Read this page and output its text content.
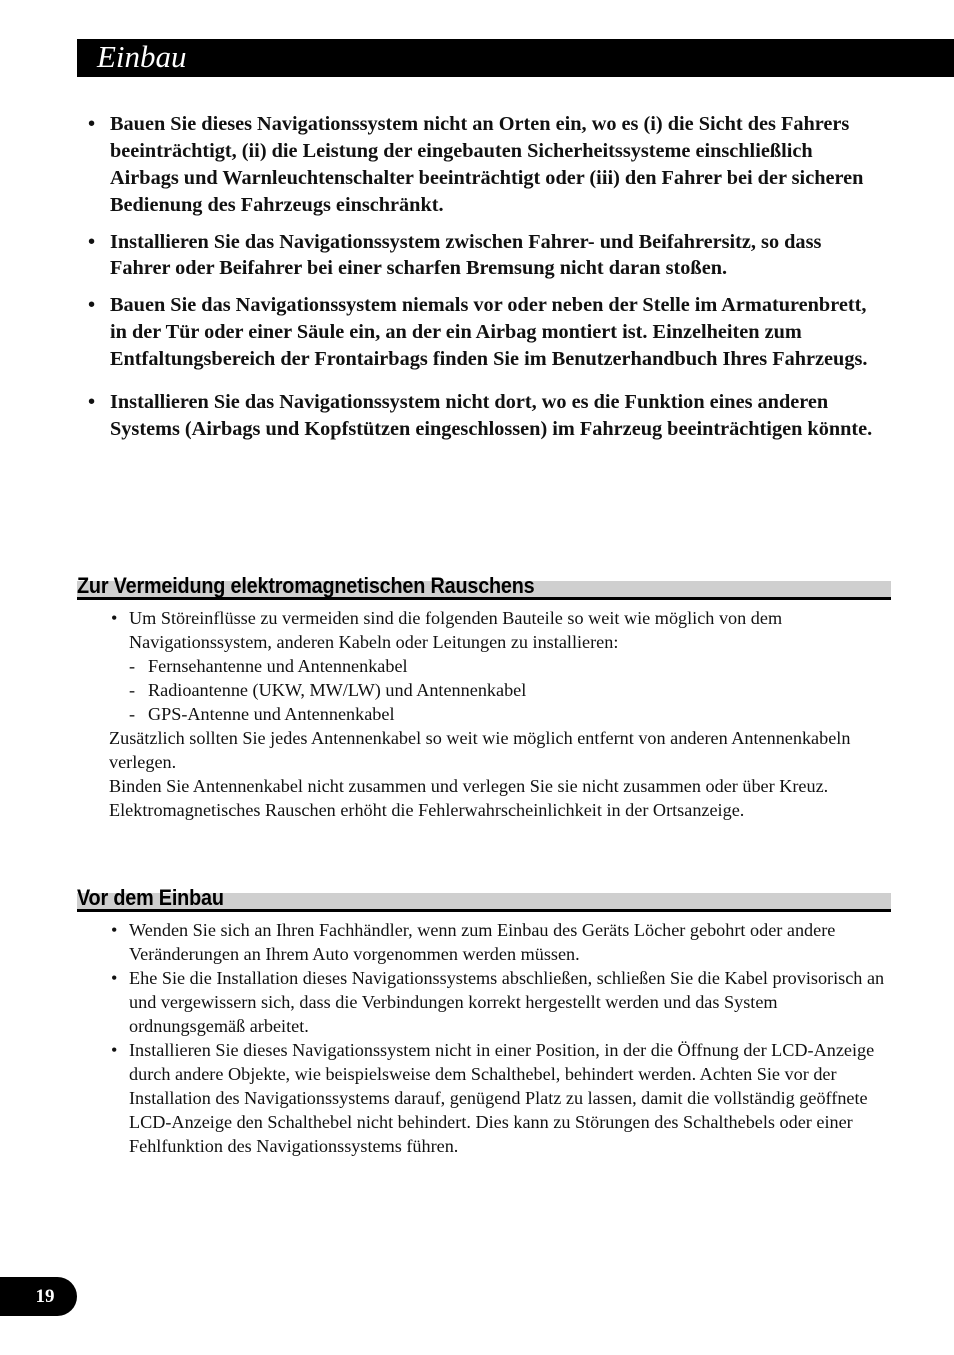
Einbau
• Bauen Sie dieses Navigationssystem nicht an Orten ein, wo es (i) die Sicht des Fahrers beeinträchtigt, (ii) die Leistung der eingebauten Sicherheitssysteme einschließlich Airbags und Warnleuchtenschalter beeinträchtigt oder (iii) den Fahrer bei der sicheren Bedienung des Fahrzeugs einschränkt.
• Installieren Sie das Navigationssystem zwischen Fahrer- und Beifahrersitz, so dass Fahrer oder Beifahrer bei einer scharfen Bremsung nicht daran stoßen.
• Bauen Sie das Navigationssystem niemals vor oder neben der Stelle im Armaturenbrett, in der Tür oder einer Säule ein, an der ein Airbag montiert ist. Einzelheiten zum Entfaltungsbereich der Frontairbags finden Sie im Benutzerhandbuch Ihres Fahrzeugs.
• Installieren Sie das Navigationssystem nicht dort, wo es die Funktion eines anderen Systems (Airbags und Kopfstützen eingeschlossen) im Fahrzeug beeinträchtigen könnte.
Zur Vermeidung elektromagnetischen Rauschens
• Um Störeinflüsse zu vermeiden sind die folgenden Bauteile so weit wie möglich von dem Navigationssystem, anderen Kabeln oder Leitungen zu installieren:
- Fernsehantenne und Antennenkabel
- Radioantenne (UKW, MW/LW) und Antennenkabel
- GPS-Antenne und Antennenkabel
Zusätzlich sollten Sie jedes Antennenkabel so weit wie möglich entfernt von anderen Antennenkabeln verlegen.
Binden Sie Antennenkabel nicht zusammen und verlegen Sie sie nicht zusammen oder über Kreuz.
Elektromagnetisches Rauschen erhöht die Fehlerwahrscheinlichkeit in der Ortsanzeige.
Vor dem Einbau
• Wenden Sie sich an Ihren Fachhändler, wenn zum Einbau des Geräts Löcher gebohrt oder andere Veränderungen an Ihrem Auto vorgenommen werden müssen.
• Ehe Sie die Installation dieses Navigationssystems abschließen, schließen Sie die Kabel provisorisch an und vergewissern sich, dass die Verbindungen korrekt hergestellt werden und das System ordnungsgemäß arbeitet.
• Installieren Sie dieses Navigationssystem nicht in einer Position, in der die Öffnung der LCD-Anzeige durch andere Objekte, wie beispielsweise dem Schalthebel, behindert werden. Achten Sie vor der Installation des Navigationssystems darauf, genügend Platz zu lassen, damit die vollständig geöffnete LCD-Anzeige den Schalthebel nicht behindert. Dies kann zu Störungen des Schalthebels oder einer Fehlfunktion des Navigationssystems führen.
19
